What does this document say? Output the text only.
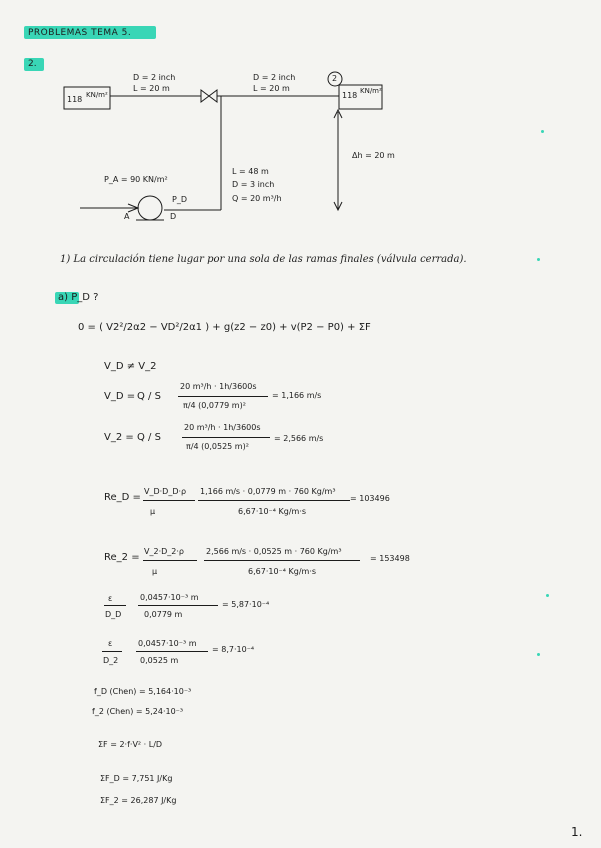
PROBLEMAS TEMA 5.
2.
118 KN/m²	118 KN/m²
D = 2 inch
L = 20 m
D = 2 inch
L = 20 m
2
L = 48 m
D = 3 inch
Q = 20 m³/h
P_A = 90 KN/m²
P_D
A	D
Δh = 20 m
1) La circulación tiene lugar por una sola de las ramas finales (válvula cerrada).
a) P_D ?
0 = ( V2²/2α2 − VD²/2α1 ) + g(z2 − z0) + v(P2 − P0) + ΣF
V_D ≠ V_2
V_D = Q / S
20 m³/h · 1h/3600s
π/4 (0,0779 m)²
= 1,166 m/s
V_2 = Q / S
20 m³/h · 1h/3600s
π/4 (0,0525 m)²
= 2,566 m/s
Re_D =
V_D·D_D·ρ
μ
1,166 m/s · 0,0779 m · 760 Kg/m³
6,67·10⁻⁴ Kg/m·s
= 103496
Re_2 =
V_2·D_2·ρ
μ
2,566 m/s · 0,0525 m · 760 Kg/m³
6,67·10⁻⁴ Kg/m·s
= 153498
ε
D_D
0,0457·10⁻³ m
0,0779 m
= 5,87·10⁻⁴
ε
D_2
0,0457·10⁻³ m
0,0525 m
= 8,7·10⁻⁴
f_D (Chen) = 5,164·10⁻³
f_2 (Chen) = 5,24·10⁻³
ΣF = 2·f·V² · L/D
ΣF_D = 7,751 J/Kg
ΣF_2 = 26,287 J/Kg
1.
